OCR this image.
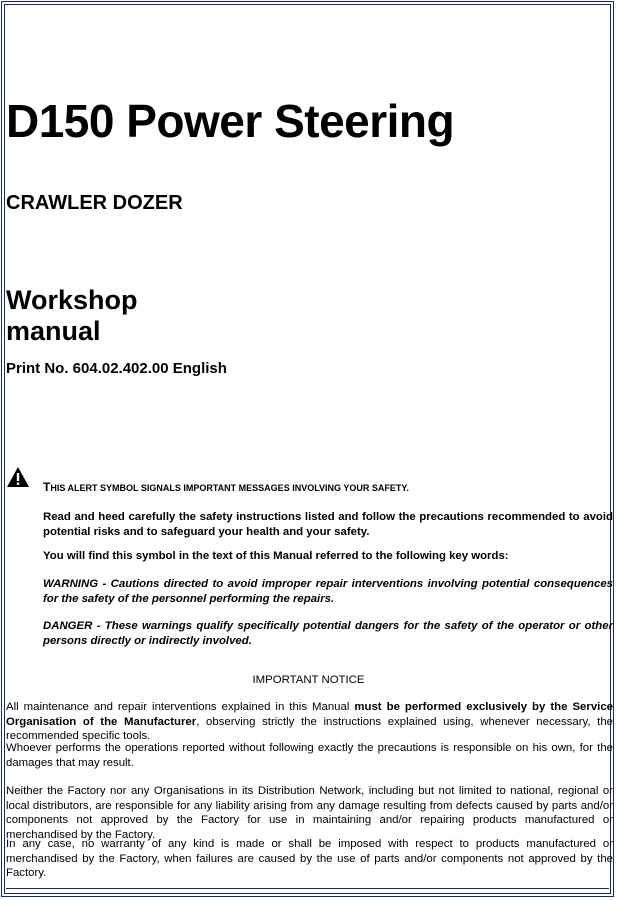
D150 Power Steering
CRAWLER DOZER
Workshop manual
Print No. 604.02.402.00 English
THIS ALERT SYMBOL SIGNALS IMPORTANT MESSAGES INVOLVING YOUR SAFETY.
Read and heed carefully the safety instructions listed and follow the precautions recommended to avoid potential risks and to safeguard your health and your safety.
You will find this symbol in the text of this Manual referred to the following key words:
WARNING - Cautions directed to avoid improper repair interventions involving potential consequences for the safety of the personnel performing the repairs.
DANGER - These warnings qualify specifically potential dangers for the safety of the operator or other persons directly or indirectly involved.
IMPORTANT NOTICE
All maintenance and repair interventions explained in this Manual must be performed exclusively by the Service Organisation of the Manufacturer, observing strictly the instructions explained using, whenever necessary, the recommended specific tools.
Whoever performs the operations reported without following exactly the precautions is responsible on his own, for the damages that may result.
Neither the Factory nor any Organisations in its Distribution Network, including but not limited to national, regional or local distributors, are responsible for any liability arising from any damage resulting from defects caused by parts and/or components not approved by the Factory for use in maintaining and/or repairing products manufactured or merchandised by the Factory.
In any case, no warranty of any kind is made or shall be imposed with respect to products manufactured or merchandised by the Factory, when failures are caused by the use of parts and/or components not approved by the Factory.
